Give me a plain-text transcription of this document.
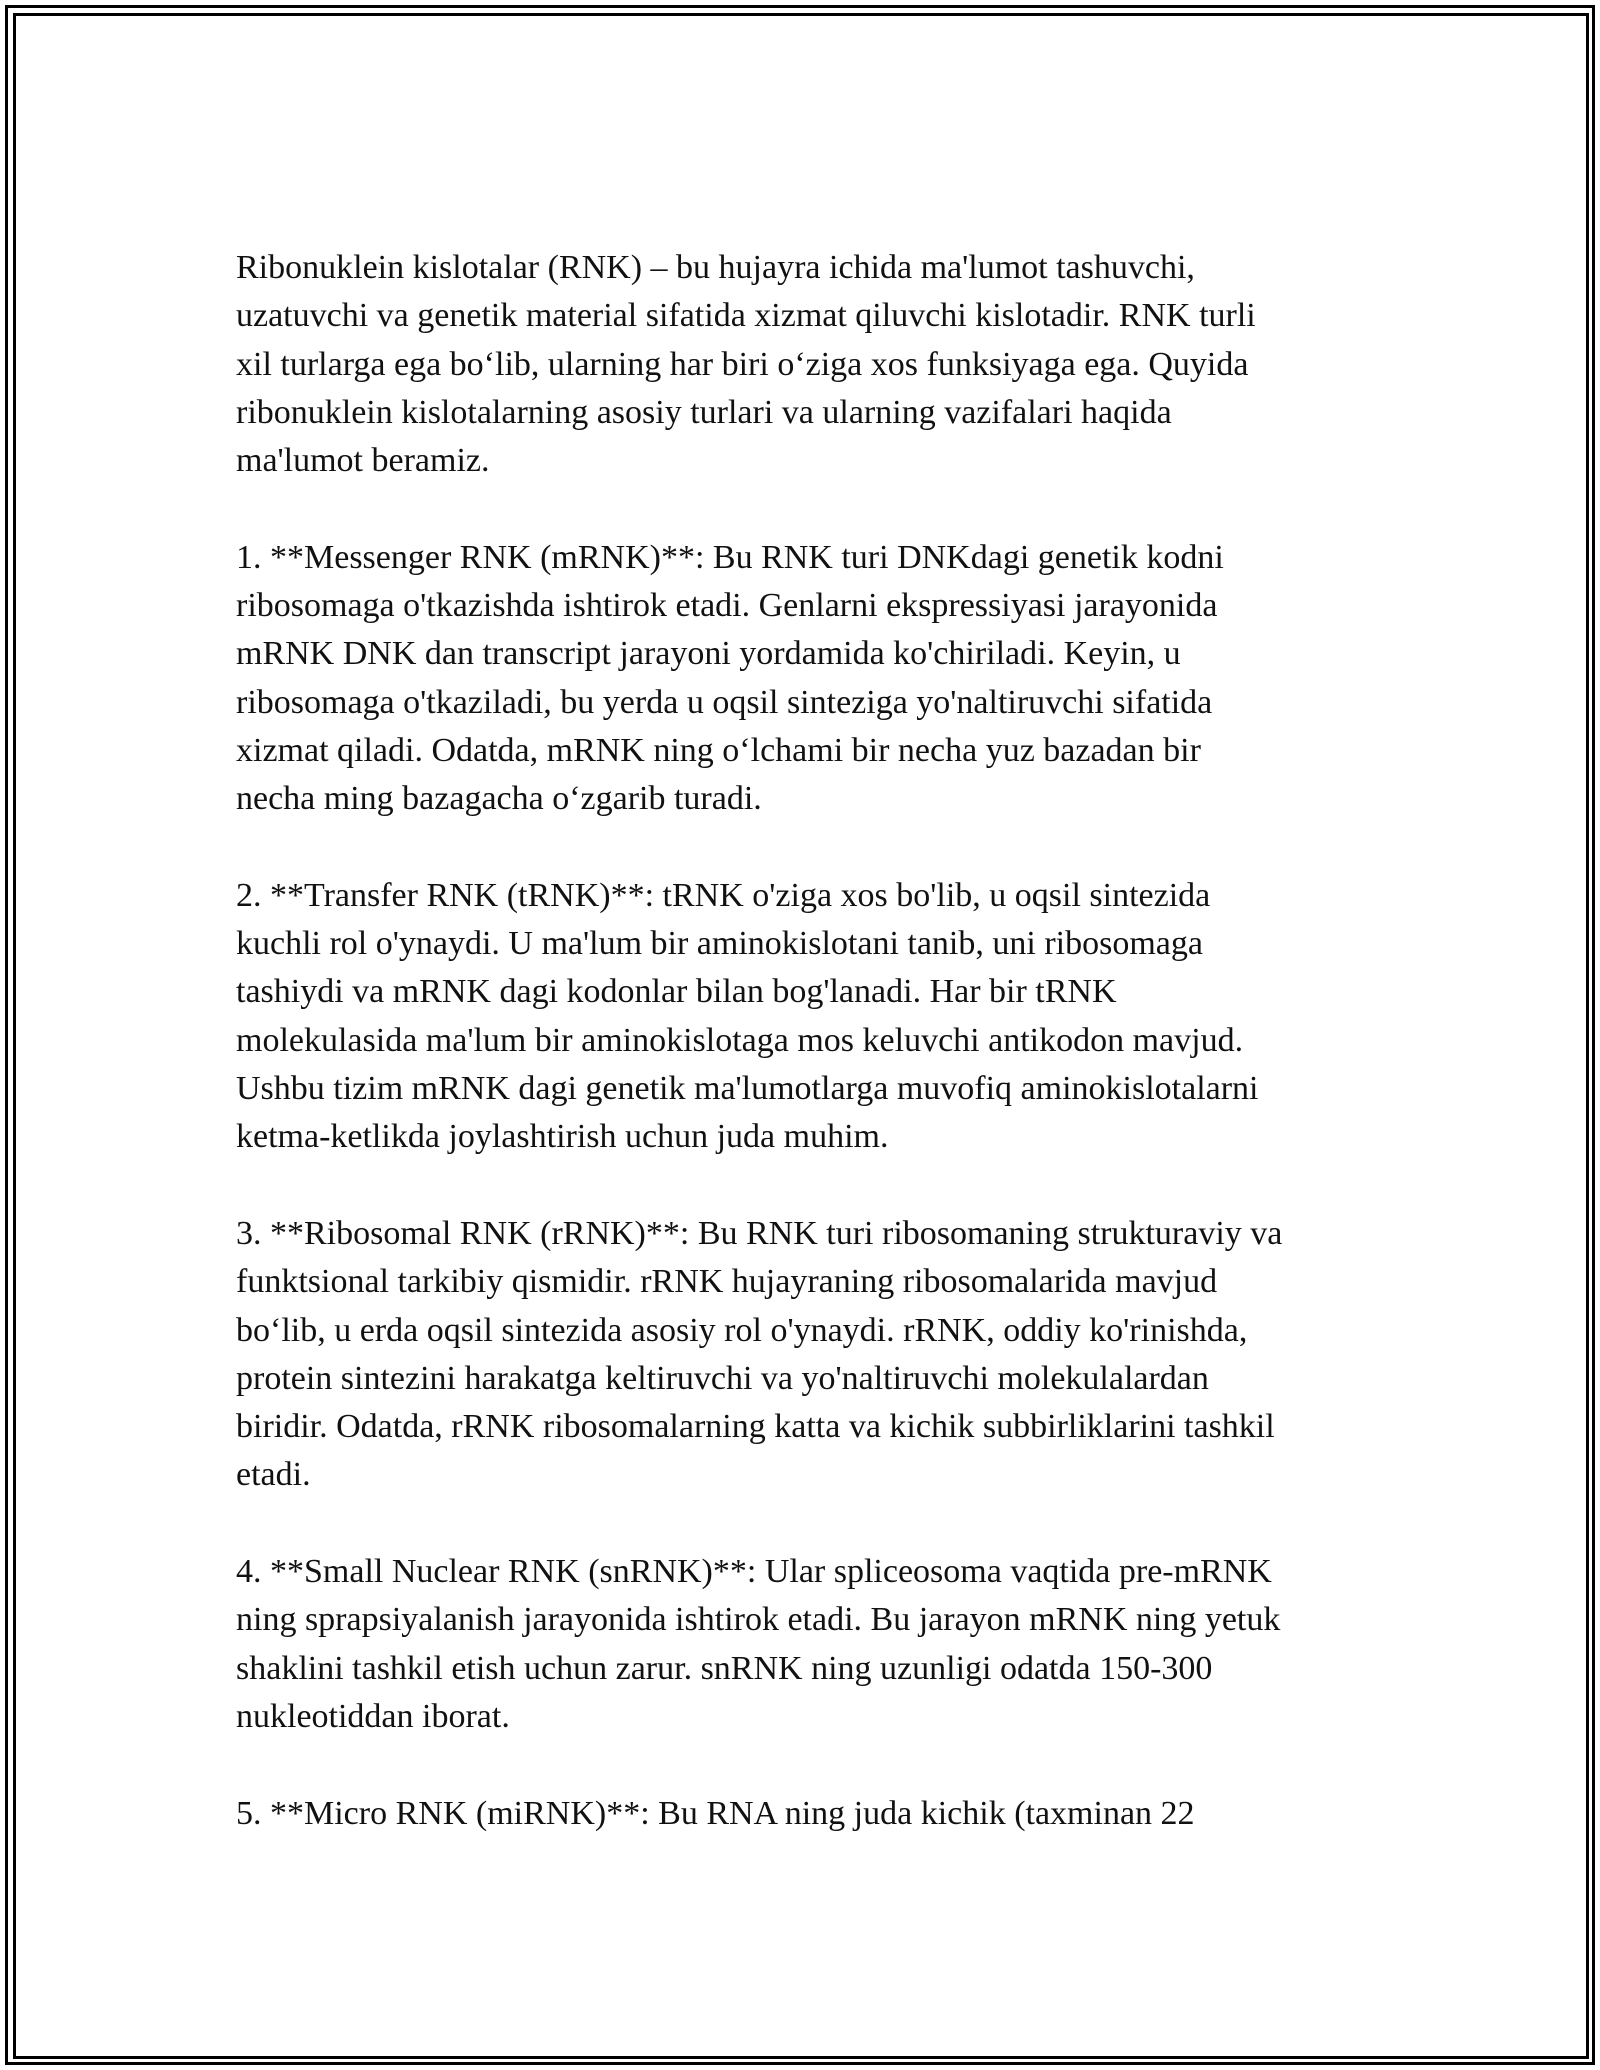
Ribonuklein kislotalar (RNK) – bu hujayra ichida ma'lumot tashuvchi,
uzatuvchi va genetik material sifatida xizmat qiluvchi kislotadir. RNK turli
xil turlarga ega bo‘lib, ularning har biri o‘ziga xos funksiyaga ega. Quyida
ribonuklein kislotalarning asosiy turlari va ularning vazifalari haqida
ma'lumot beramiz.

1. **Messenger RNK (mRNK)**: Bu RNK turi DNKdagi genetik kodni
ribosomaga o'tkazishda ishtirok etadi. Genlarni ekspressiyasi jarayonida
mRNK DNK dan transcript jarayoni yordamida ko'chiriladi. Keyin, u
ribosomaga o'tkaziladi, bu yerda u oqsil sinteziga yo'naltiruvchi sifatida
xizmat qiladi. Odatda, mRNK ning o‘lchami bir necha yuz bazadan bir
necha ming bazagacha o‘zgarib turadi.

2. **Transfer RNK (tRNK)**: tRNK o'ziga xos bo'lib, u oqsil sintezida
kuchli rol o'ynaydi. U ma'lum bir aminokislotani tanib, uni ribosomaga
tashiydi va mRNK dagi kodonlar bilan bog'lanadi. Har bir tRNK
molekulasida ma'lum bir aminokislotaga mos keluvchi antikodon mavjud.
Ushbu tizim mRNK dagi genetik ma'lumotlarga muvofiq aminokislotalarni
ketma-ketlikda joylashtirish uchun juda muhim.

3. **Ribosomal RNK (rRNK)**: Bu RNK turi ribosomaning strukturaviy va
funktsional tarkibiy qismidir. rRNK hujayraning ribosomalarida mavjud
bo‘lib, u erda oqsil sintezida asosiy rol o'ynaydi. rRNK, oddiy ko'rinishda,
protein sintezini harakatga keltiruvchi va yo'naltiruvchi molekulalardan
biridir. Odatda, rRNK ribosomalarning katta va kichik subbirliklarini tashkil
etadi.

4. **Small Nuclear RNK (snRNK)**: Ular spliceosoma vaqtida pre-mRNK
ning sprapsiyalanish jarayonida ishtirok etadi. Bu jarayon mRNK ning yetuk
shaklini tashkil etish uchun zarur. snRNK ning uzunligi odatda 150-300
nukleotiddan iborat.

5. **Micro RNK (miRNK)**: Bu RNA ning juda kichik (taxminan 22
